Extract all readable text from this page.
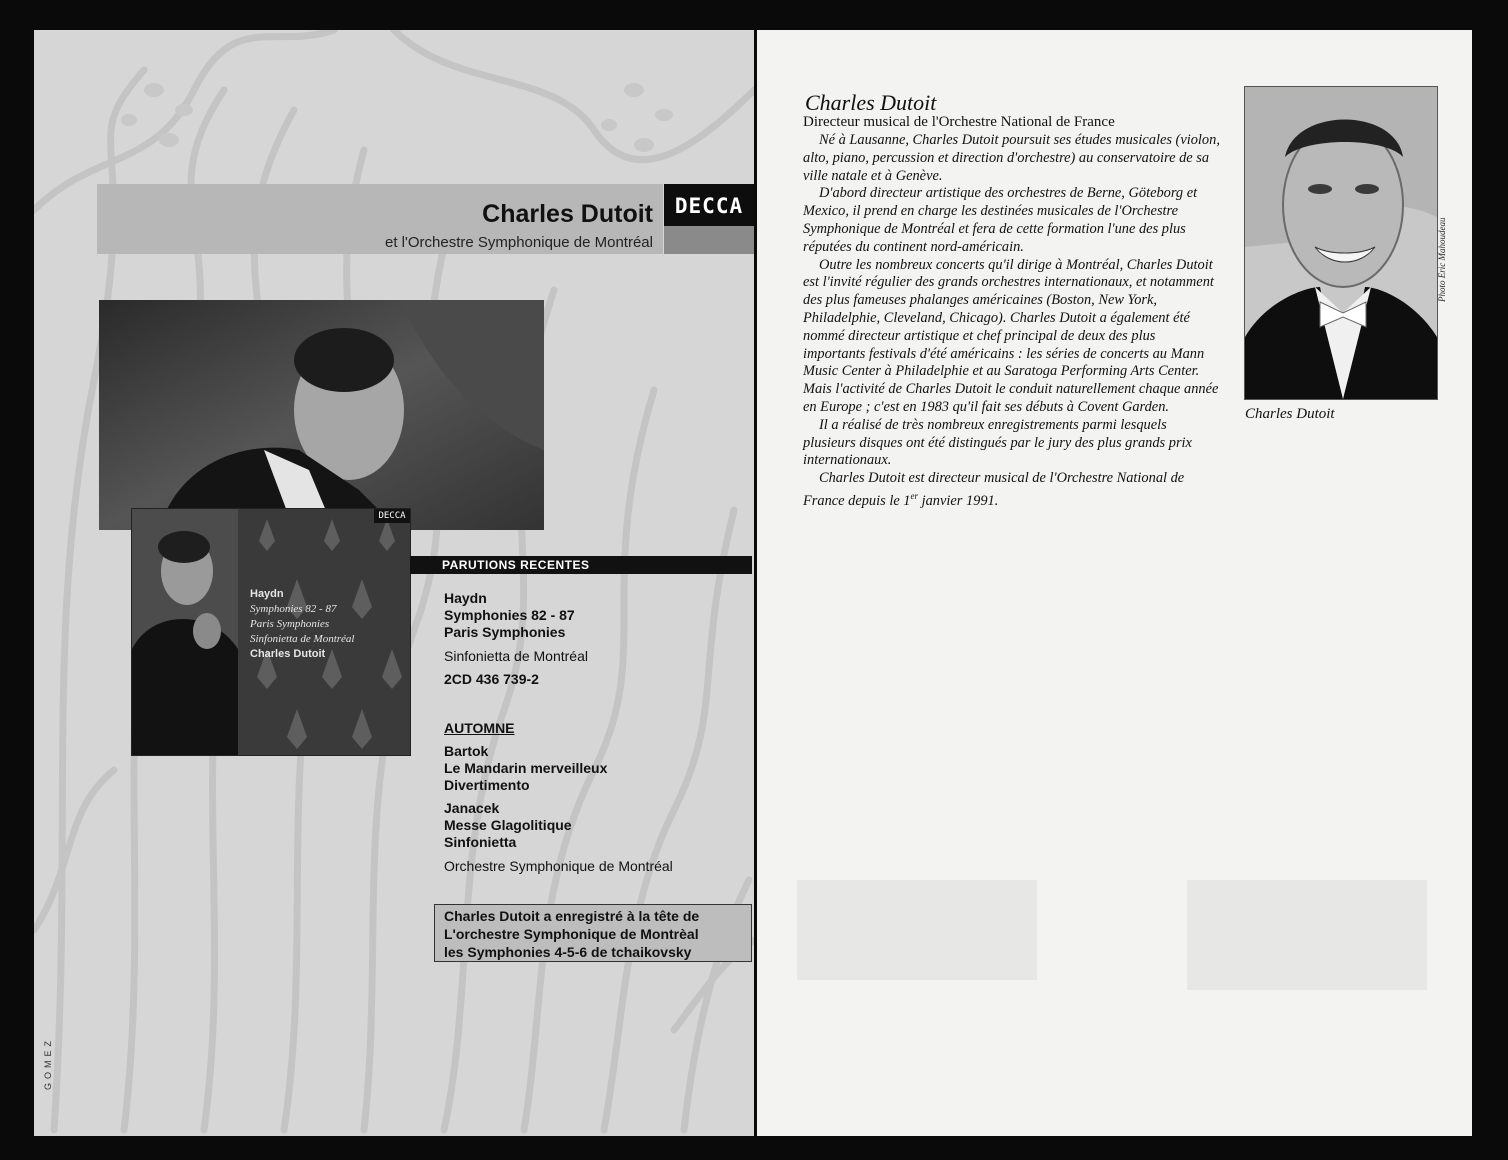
Charles Dutoit
et l'Orchestre Symphonique de Montréal
DECCA
DECCA
Haydn
Symphonies 82 - 87
Paris Symphonies
Sinfonietta de Montréal
Charles Dutoit
PARUTIONS RECENTES
Haydn
Symphonies 82 - 87
Paris Symphonies
Sinfonietta de Montréal
2CD 436 739-2
AUTOMNE
Bartok
Le Mandarin merveilleux
Divertimento
Janacek
Messe Glagolitique
Sinfonietta
Orchestre Symphonique de Montréal
Charles Dutoit a enregistré à la tête de
L'orchestre Symphonique de Montrèal
les Symphonies 4-5-6 de tchaikovsky
GOMEZ
Charles Dutoit
Directeur musical de l'Orchestre National de France

Né à Lausanne, Charles Dutoit poursuit ses études musicales (violon, alto, piano, percussion et direction d'orchestre) au conservatoire de sa ville natale et à Genève.

D'abord directeur artistique des orchestres de Berne, Göteborg et Mexico, il prend en charge les destinées musicales de l'Orchestre Symphonique de Montréal et fera de cette formation l'une des plus réputées du continent nord-américain.

Outre les nombreux concerts qu'il dirige à Montréal, Charles Dutoit est l'invité régulier des grands orchestres internationaux, et notamment des plus fameuses phalanges américaines (Boston, New York, Philadelphie, Cleveland, Chicago). Charles Dutoit a également été nommé directeur artistique et chef principal de deux des plus importants festivals d'été américains : les séries de concerts au Mann Music Center à Philadelphie et au Saratoga Performing Arts Center. Mais l'activité de Charles Dutoit le conduit naturellement chaque année en Europe ; c'est en 1983 qu'il fait ses débuts à Covent Garden.

Il a réalisé de très nombreux enregistrements parmi lesquels plusieurs disques ont été distingués par le jury des plus grands prix internationaux.

Charles Dutoit est directeur musical de l'Orchestre National de France depuis le 1er janvier 1991.

Photo Eric Mahoudeau
Charles Dutoit
